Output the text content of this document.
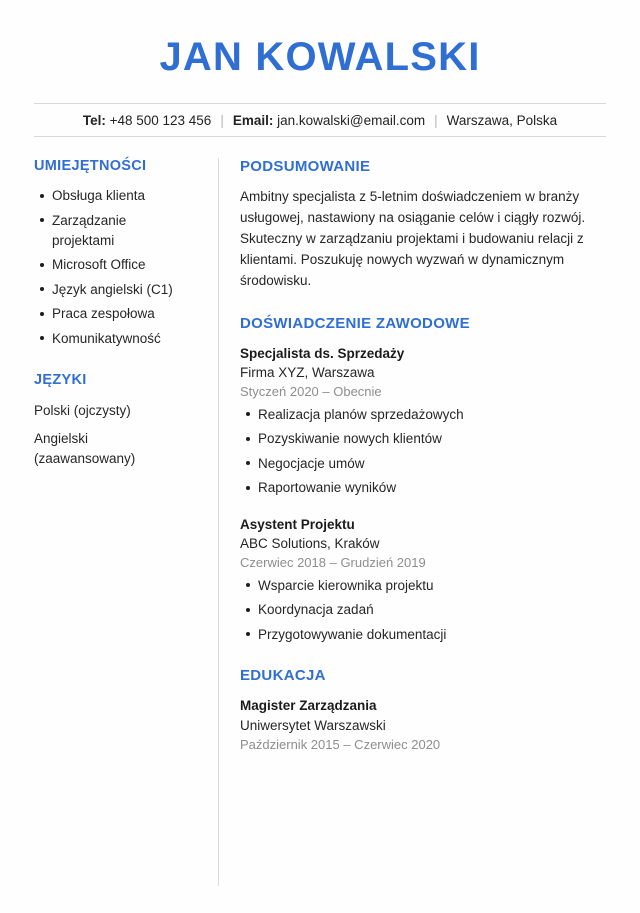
JAN KOWALSKI
Tel: +48 500 123 456 | Email: jan.kowalski@email.com | Warszawa, Polska
UMIEJĘTNOŚCI
Obsługa klienta
Zarządzanie projektami
Microsoft Office
Język angielski (C1)
Praca zespołowa
Komunikatywność
JĘZYKI
Polski (ojczysty)
Angielski (zaawansowany)
PODSUMOWANIE

Ambitny specjalista z 5-letnim doświadczeniem w branży usługowej, nastawiony na osiąganie celów i ciągły rozwój. Skuteczny w zarządzaniu projektami i budowaniu relacji z klientami. Poszukuję nowych wyzwań w dynamicznym środowisku.

DOŚWIADCZENIE ZAWODOWE
Specjalista ds. Sprzedaży
Firma XYZ, Warszawa
Styczeń 2020 – Obecnie
Realizacja planów sprzedażowych
Pozyskiwanie nowych klientów
Negocjacje umów
Raportowanie wyników
Asystent Projektu
ABC Solutions, Kraków
Czerwiec 2018 – Grudzień 2019
Wsparcie kierownika projektu
Koordynacja zadań
Przygotowywanie dokumentacji
EDUKACJA
Magister Zarządzania
Uniwersytet Warszawski
Październik 2015 – Czerwiec 2020
